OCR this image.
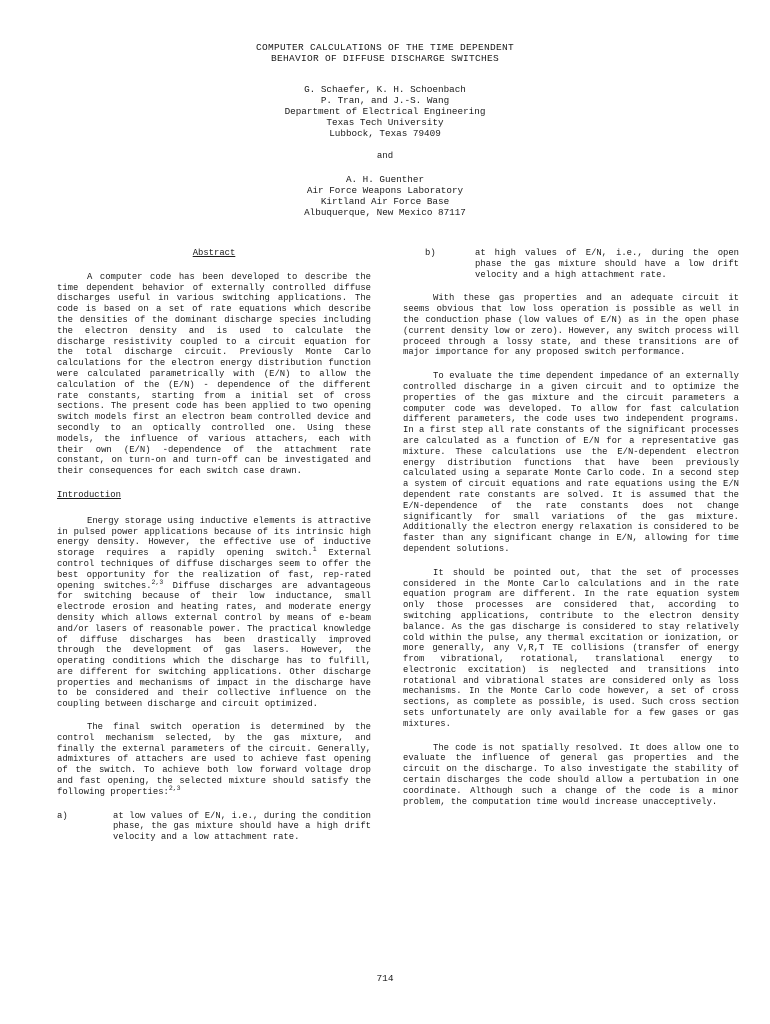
COMPUTER CALCULATIONS OF THE TIME DEPENDENT
BEHAVIOR OF DIFFUSE DISCHARGE SWITCHES
G. Schaefer, K. H. Schoenbach
P. Tran, and J.-S. Wang
Department of Electrical Engineering
Texas Tech University
Lubbock, Texas 79409
and
A. H. Guenther
Air Force Weapons Laboratory
Kirtland Air Force Base
Albuquerque, New Mexico 87117
Abstract

A computer code has been developed to describe the time dependent behavior of externally controlled diffuse discharges useful in various switching applications. The code is based on a set of rate equations which describe the densities of the dominant discharge species including the electron density and is used to calculate the discharge resistivity coupled to a circuit equation for the total discharge circuit. Previously Monte Carlo calculations for the electron energy distribution function were calculated parametrically with (E/N) to allow the calculation of the (E/N) - dependence of the different rate constants, starting from a initial set of cross sections. The present code has been applied to two opening switch models first an electron beam controlled device and secondly to an optically controlled one. Using these models, the influence of various attachers, each with their own (E/N) -dependence of the attachment rate constant, on turn-on and turn-off can be investigated and their consequences for each switch case drawn.

Introduction

Energy storage using inductive elements is attractive in pulsed power applications because of its intrinsic high energy density. However, the effective use of inductive storage requires a rapidly opening switch.$^1$ External control techniques of diffuse discharges seem to offer the best opportunity for the realization of fast, rep-rated opening switches.$^{2,3}$ Diffuse discharges are advantageous for switching because of their low inductance, small electrode erosion and heating rates, and moderate energy density which allows external control by means of e-beam and/or lasers of reasonable power. The practical knowledge of diffuse discharges has been drastically improved through the development of gas lasers. However, the operating conditions which the discharge has to fulfill, are different for switching applications. Other discharge properties and mechanisms of impact in the discharge have to be considered and their collective influence on the coupling between discharge and circuit optimized.

The final switch operation is determined by the control mechanism selected, by the gas mixture, and finally the external parameters of the circuit. Generally, admixtures of attachers are used to achieve fast opening of the switch. To achieve both low forward voltage drop and fast opening, the selected mixture should satisfy the following properties:$^{2,3}$

a)	at low values of E/N, i.e., during the condition phase, the gas mixture should have a high drift velocity and a low attachment rate.
b)	at high values of E/N, i.e., during the open phase the gas mixture should have a low drift velocity and a high attachment rate.

With these gas properties and an adequate circuit it seems obvious that low loss operation is possible as well in the conduction phase (low values of E/N) as in the open phase (current density low or zero). However, any switch process will proceed through a lossy state, and these transitions are of major importance for any proposed switch performance.

To evaluate the time dependent impedance of an externally controlled discharge in a given circuit and to optimize the properties of the gas mixture and the circuit parameters a computer code was developed. To allow for fast calculation different parameters, the code uses two independent programs. In a first step all rate constants of the significant processes are calculated as a function of E/N for a representative gas mixture. These calculations use the E/N-dependent electron energy distribution functions that have been previously calculated using a separate Monte Carlo code. In a second step a system of circuit equations and rate equations using the E/N dependent rate constants are solved. It is assumed that the E/N-dependence of the rate constants does not change significantly for small variations of the gas mixture. Additionally the electron energy relaxation is considered to be faster than any significant change in E/N, allowing for time dependent solutions.

It should be pointed out, that the set of processes considered in the Monte Carlo calculations and in the rate equation program are different. In the rate equation system only those processes are considered that, according to switching applications, contribute to the electron density balance. As the gas discharge is considered to stay relatively cold within the pulse, any thermal excitation or ionization, or more generally, any V,R,T TE collisions (transfer of energy from vibrational, rotational, translational energy to electronic excitation) is neglected and transitions into rotational and vibrational states are considered only as loss mechanisms. In the Monte Carlo code however, a set of cross sections, as complete as possible, is used. Such cross section sets unfortunately are only available for a few gases or gas mixtures.

The code is not spatially resolved. It does allow one to evaluate the influence of general gas properties and the circuit on the discharge. To also investigate the stability of certain discharges the code should allow a pertubation in one coordinate. Although such a change of the code is a minor problem, the computation time would increase unacceptively.

714
